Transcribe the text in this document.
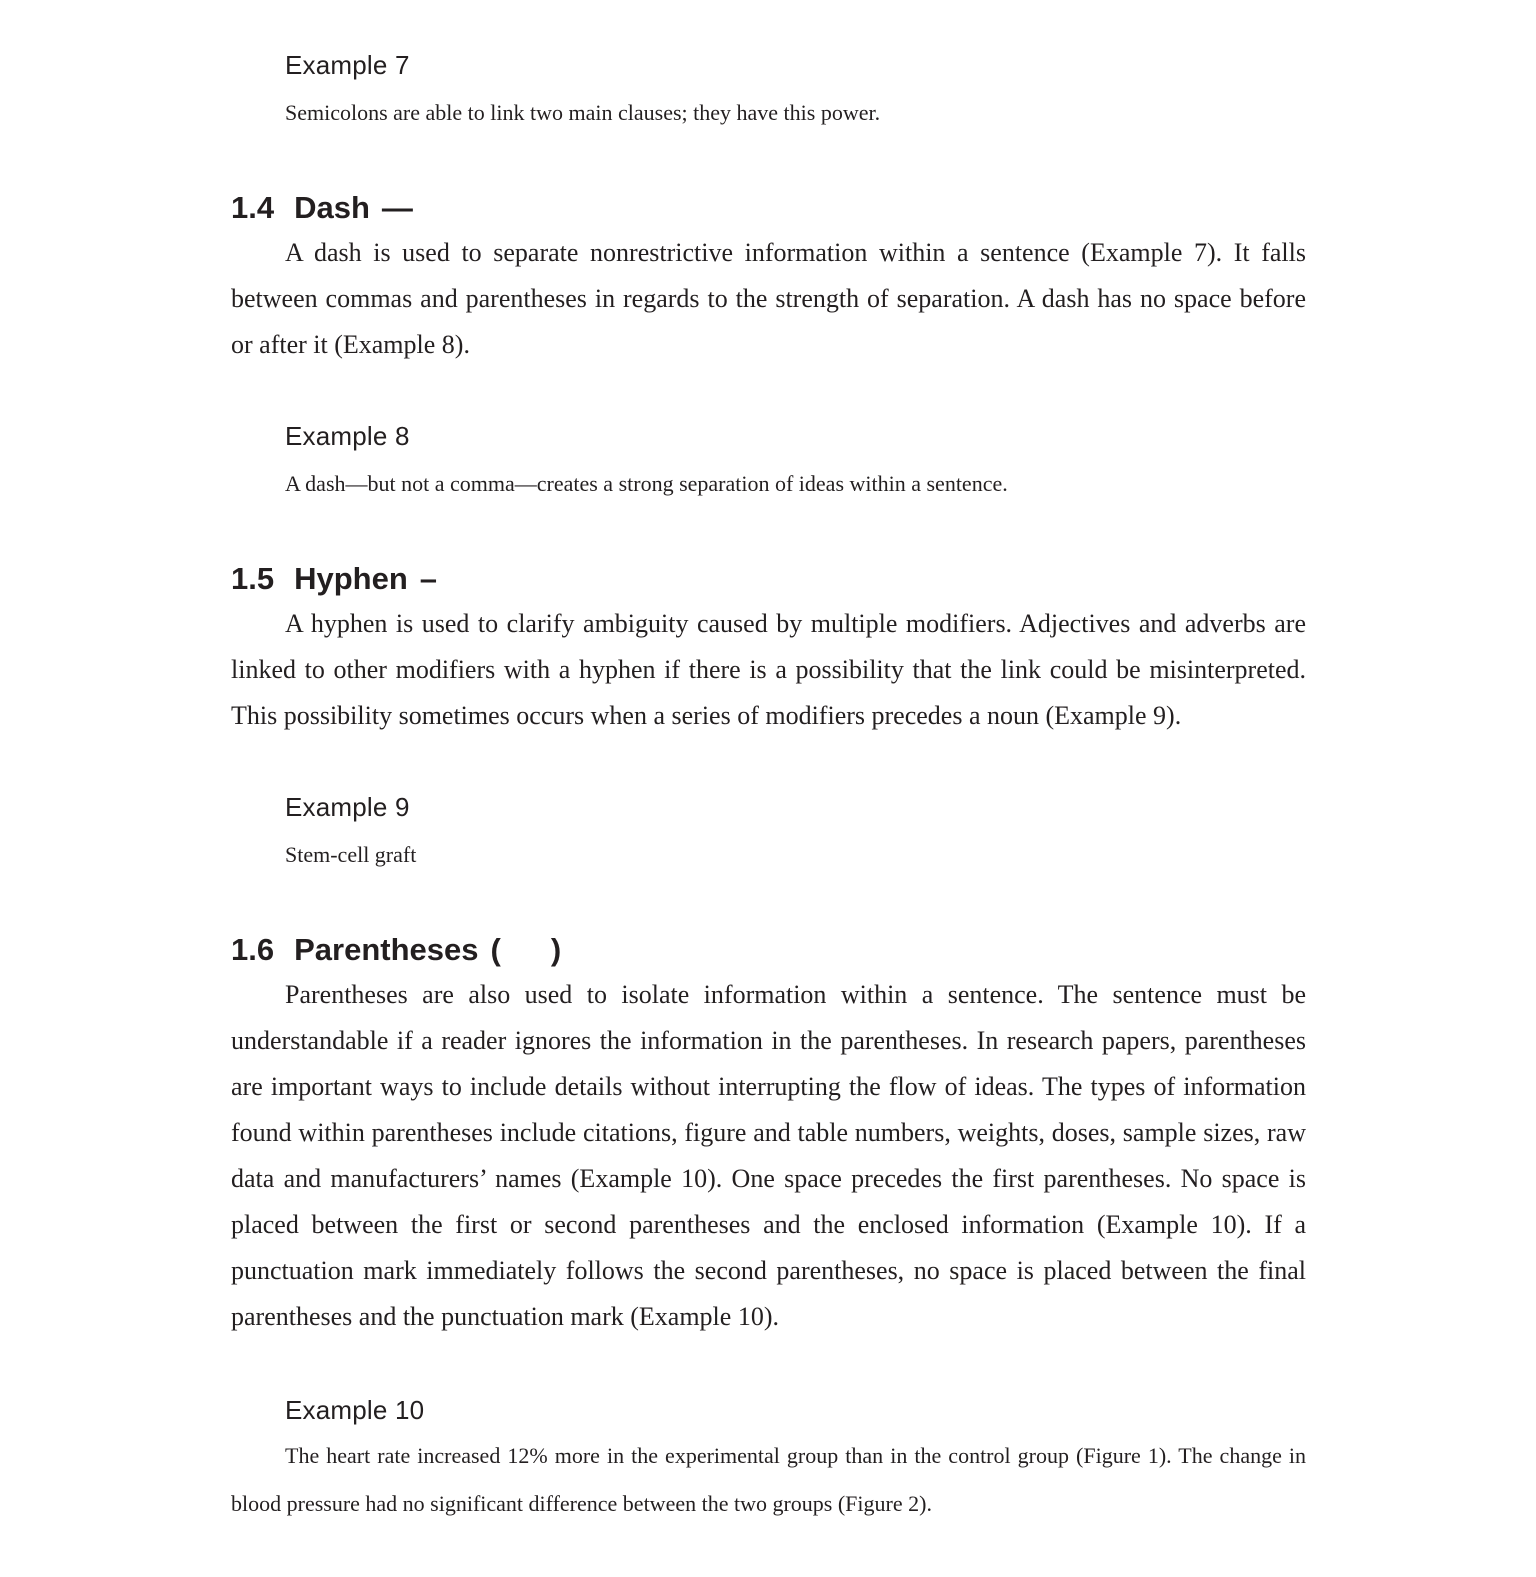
Example 7
Semicolons are able to link two main clauses; they have this power.
1.4 Dash —

A dash is used to separate nonrestrictive information within a sentence (Example 7). It falls between commas and parentheses in regards to the strength of separation. A dash has no space before or after it (Example 8).

Example 8
A dash—but not a comma—creates a strong separation of ideas within a sentence.
1.5 Hyphen –

A hyphen is used to clarify ambiguity caused by multiple modifiers. Adjectives and adverbs are linked to other modifiers with a hyphen if there is a possibility that the link could be misinterpreted. This possibility sometimes occurs when a series of modifiers precedes a noun (Example 9).

Example 9
Stem-cell graft
1.6 Parentheses ( )

Parentheses are also used to isolate information within a sentence. The sentence must be understandable if a reader ignores the information in the parentheses. In research papers, parentheses are important ways to include details without interrupting the flow of ideas. The types of information found within parentheses include citations, figure and table numbers, weights, doses, sample sizes, raw data and manufacturers’ names (Example 10). One space precedes the first parentheses. No space is placed between the first or second parentheses and the enclosed information (Example 10). If a punctuation mark immediately follows the second parentheses, no space is placed between the final parentheses and the punctuation mark (Example 10).

Example 10

The heart rate increased 12% more in the experimental group than in the control group (Figure 1). The change in blood pressure had no significant difference between the two groups (Figure 2).
